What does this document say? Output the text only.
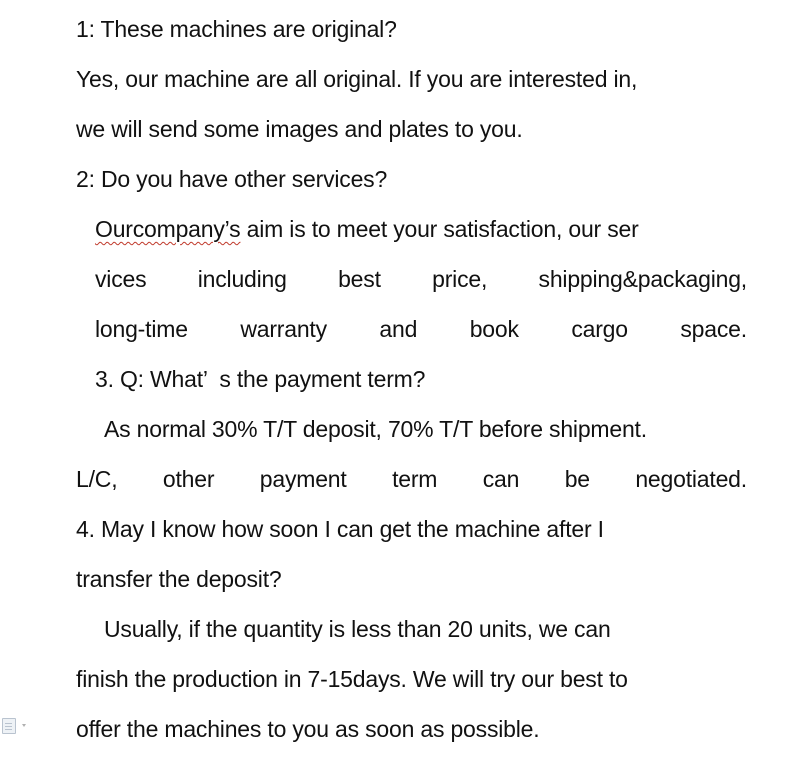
1: These machines are original?
Yes, our machine are all original. If you are interested in,
we will send some images and plates to you.
2: Do you have other services?
Ourcompany’s aim is to meet your satisfaction, our ser
vices including best price, shipping&packaging,
long-time warranty and book cargo space.
3. Q: What’  s the payment term?
As normal 30% T/T deposit, 70% T/T before shipment.
L/C, other payment term can be negotiated.
4. May I know how soon I can get the machine after I
transfer the deposit?
Usually, if the quantity is less than 20 units, we can
finish the production in 7-15days. We will try our best to
offer the machines to you as soon as possible.
